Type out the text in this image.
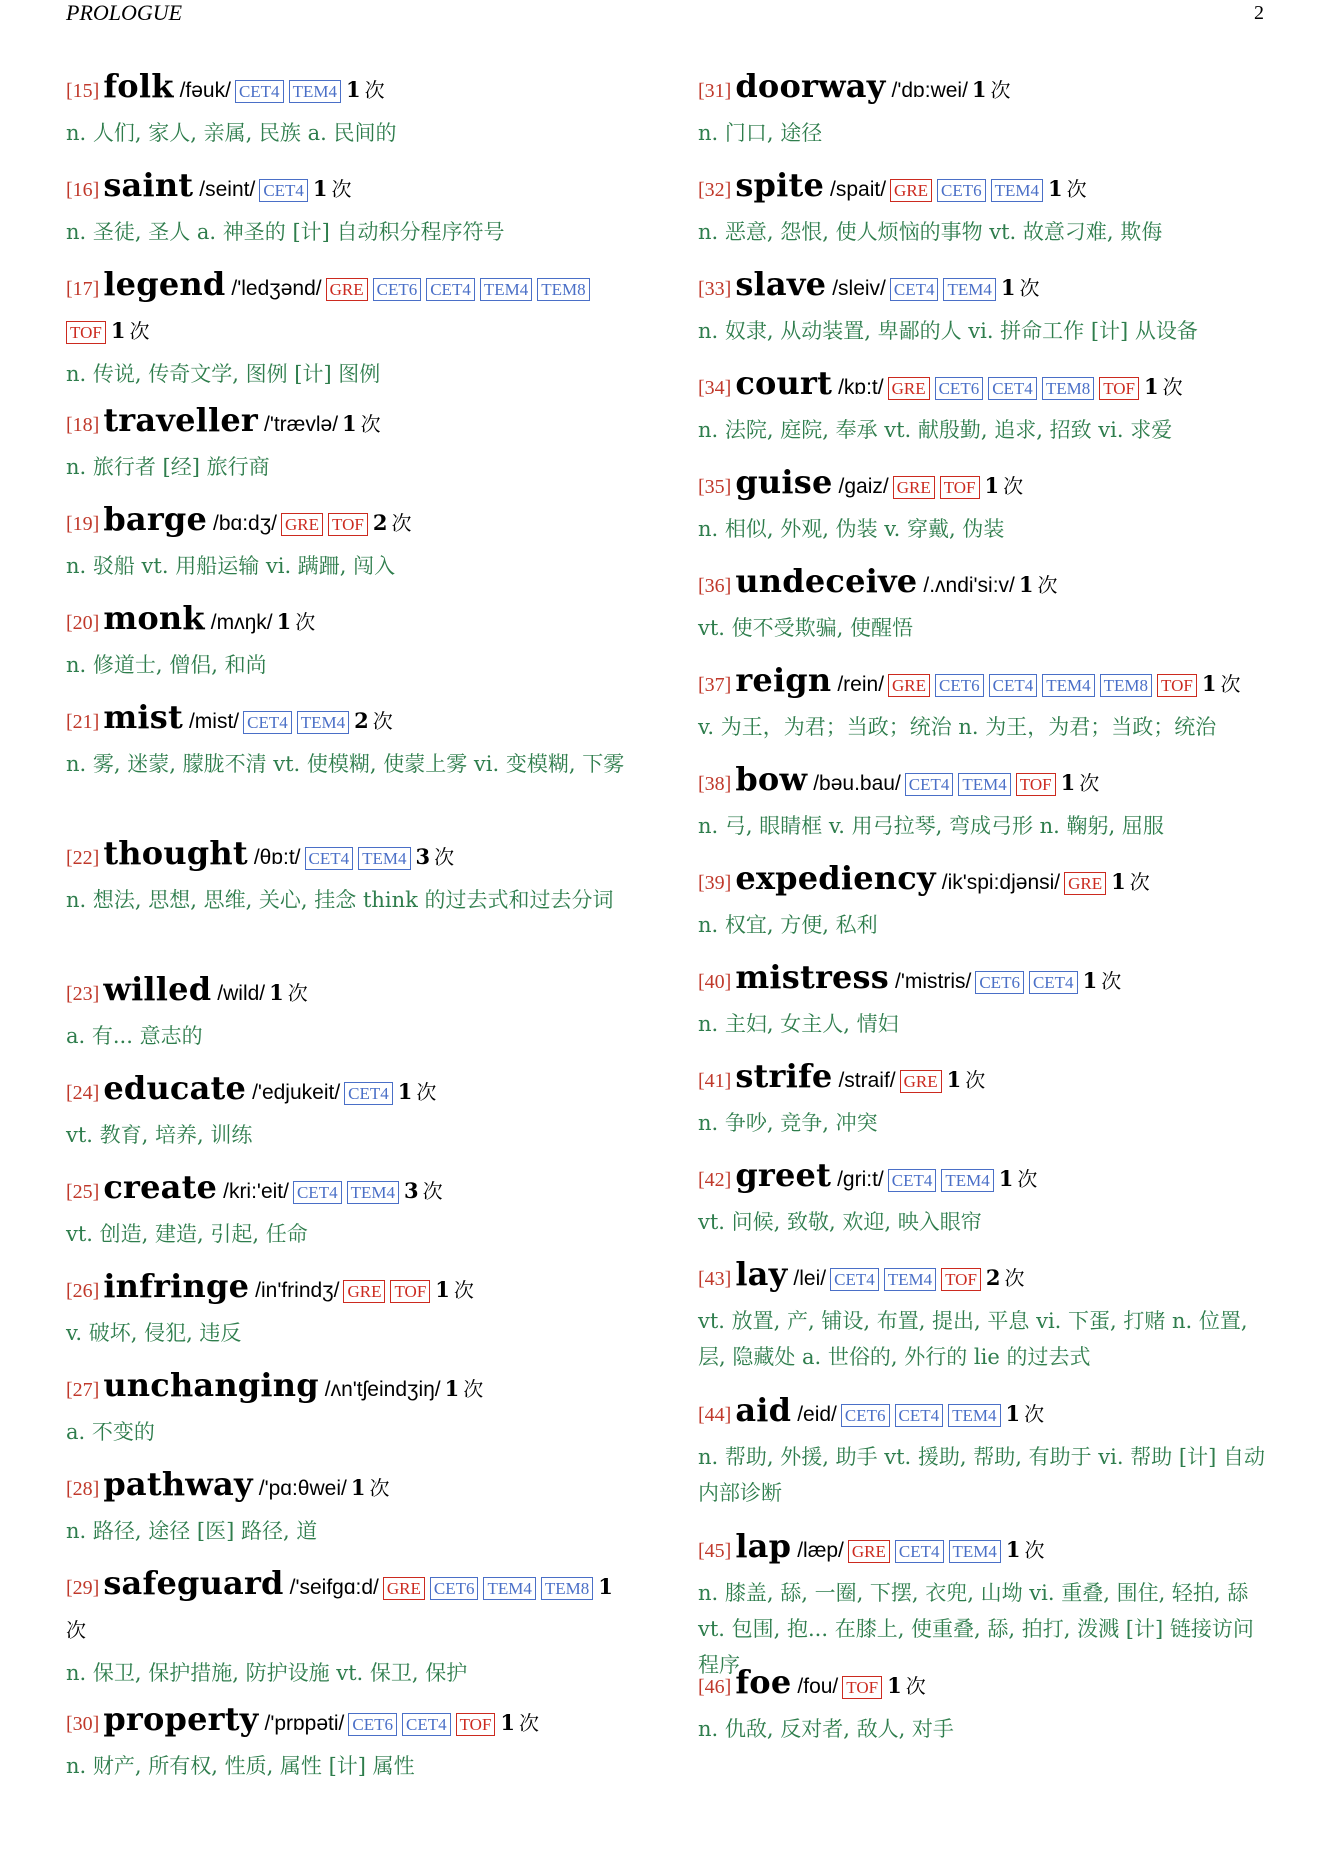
PROLOGUE	2
[15] folk /fəuk/ CET4 TEM4 1 次
n. 人们, 家人, 亲属, 民族 a. 民间的
[16] saint /seint/ CET4 1 次
n. 圣徒, 圣人 a. 神圣的 [计] 自动积分程序符号
[17] legend /'ledʒənd/ GRE CET6 CET4 TEM4 TEM8TOF 1 次
n. 传说, 传奇文学, 图例 [计] 图例
[18] traveller /'trævlə/ 1 次
n. 旅行者 [经] 旅行商
[19] barge /bɑ:dʒ/ GRE TOF 2 次
n. 驳船 vt. 用船运输 vi. 蹒跚, 闯入
[20] monk /mʌŋk/ 1 次
n. 修道士, 僧侣, 和尚
[21] mist /mist/ CET4 TEM4 2 次
n. 雾, 迷蒙, 朦胧不清 vt. 使模糊, 使蒙上雾 vi. 变模糊, 下雾
[22] thought /θɒ:t/ CET4 TEM4 3 次
n. 想法, 思想, 思维, 关心, 挂念 think 的过去式和过去分词
[23] willed /wild/ 1 次
a. 有... 意志的
[24] educate /'edjukeit/ CET4 1 次
vt. 教育, 培养, 训练
[25] create /kri:'eit/ CET4 TEM4 3 次
vt. 创造, 建造, 引起, 任命
[26] infringe /in'frindʒ/ GRE TOF 1 次
v. 破坏, 侵犯, 违反
[27] unchanging /ʌn'tʃeindʒiŋ/ 1 次
a. 不变的
[28] pathway /'pɑ:θwei/ 1 次
n. 路径, 途径 [医] 路径, 道
[29] safeguard /'seifgɑ:d/ GRE CET6 TEM4 TEM8 1次
n. 保卫, 保护措施, 防护设施 vt. 保卫, 保护
[30] property /'prɒpəti/ CET6 CET4 TOF 1 次
n. 财产, 所有权, 性质, 属性 [计] 属性
[31] doorway /'dɒ:wei/ 1 次
n. 门口, 途径
[32] spite /spait/ GRE CET6 TEM4 1 次
n. 恶意, 怨恨, 使人烦恼的事物 vt. 故意刁难, 欺侮
[33] slave /sleiv/ CET4 TEM4 1 次
n. 奴隶, 从动装置, 卑鄙的人 vi. 拼命工作 [计] 从设备
[34] court /kɒ:t/ GRE CET6 CET4 TEM8 TOF 1 次
n. 法院, 庭院, 奉承 vt. 献殷勤, 追求, 招致 vi. 求爱
[35] guise /gaiz/ GRE TOF 1 次
n. 相似, 外观, 伪装 v. 穿戴, 伪装
[36] undeceive /.ʌndi'si:v/ 1 次
vt. 使不受欺骗, 使醒悟
[37] reign /rein/ GRE CET6 CET4 TEM4 TEM8 TOF 1 次
v. 为王，为君；当政；统治 n. 为王，为君；当政；统治
[38] bow /bəu.bau/ CET4 TEM4 TOF 1 次
n. 弓, 眼睛框 v. 用弓拉琴, 弯成弓形 n. 鞠躬, 屈服
[39] expediency /ik'spi:djənsi/ GRE 1 次
n. 权宜, 方便, 私利
[40] mistress /'mistris/ CET6 CET4 1 次
n. 主妇, 女主人, 情妇
[41] strife /straif/ GRE 1 次
n. 争吵, 竞争, 冲突
[42] greet /gri:t/ CET4 TEM4 1 次
vt. 问候, 致敬, 欢迎, 映入眼帘
[43] lay /lei/ CET4 TEM4 TOF 2 次
vt. 放置, 产, 铺设, 布置, 提出, 平息 vi. 下蛋, 打赌 n. 位置, 层, 隐藏处 a. 世俗的, 外行的 lie 的过去式
[44] aid /eid/ CET6 CET4 TEM4 1 次
n. 帮助, 外援, 助手 vt. 援助, 帮助, 有助于 vi. 帮助 [计] 自动内部诊断
[45] lap /læp/ GRE CET4 TEM4 1 次
n. 膝盖, 舔, 一圈, 下摆, 衣兜, 山坳 vi. 重叠, 围住, 轻拍, 舔 vt. 包围, 抱... 在膝上, 使重叠, 舔, 拍打, 泼溅 [计] 链接访问程序
[46] foe /fou/ TOF 1 次
n. 仇敌, 反对者, 敌人, 对手
